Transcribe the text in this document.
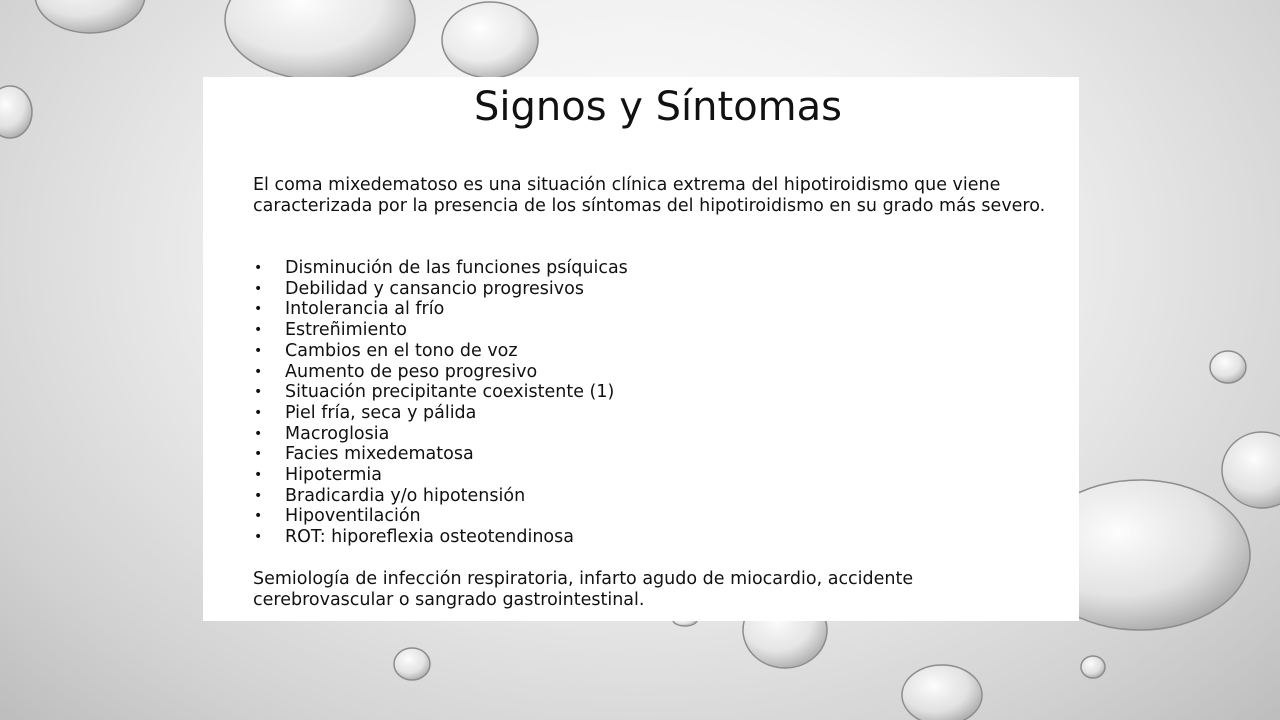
Signos y Síntomas

El coma mixedematoso es una situación clínica extrema del hipotiroidismo que viene caracterizada por la presencia de los síntomas del hipotiroidismo en su grado más severo.

• Disminución de las funciones psíquicas
• Debilidad y cansancio progresivos
• Intolerancia al frío
• Estreñimiento
• Cambios en el tono de voz
• Aumento de peso progresivo
• Situación precipitante coexistente (1)
• Piel fría, seca y pálida
• Macroglosia
• Facies mixedematosa
• Hipotermia
• Bradicardia y/o hipotensión
• Hipoventilación
• ROT: hiporeflexia osteotendinosa

Semiología de infección respiratoria, infarto agudo de miocardio, accidente cerebrovascular o sangrado gastrointestinal.
